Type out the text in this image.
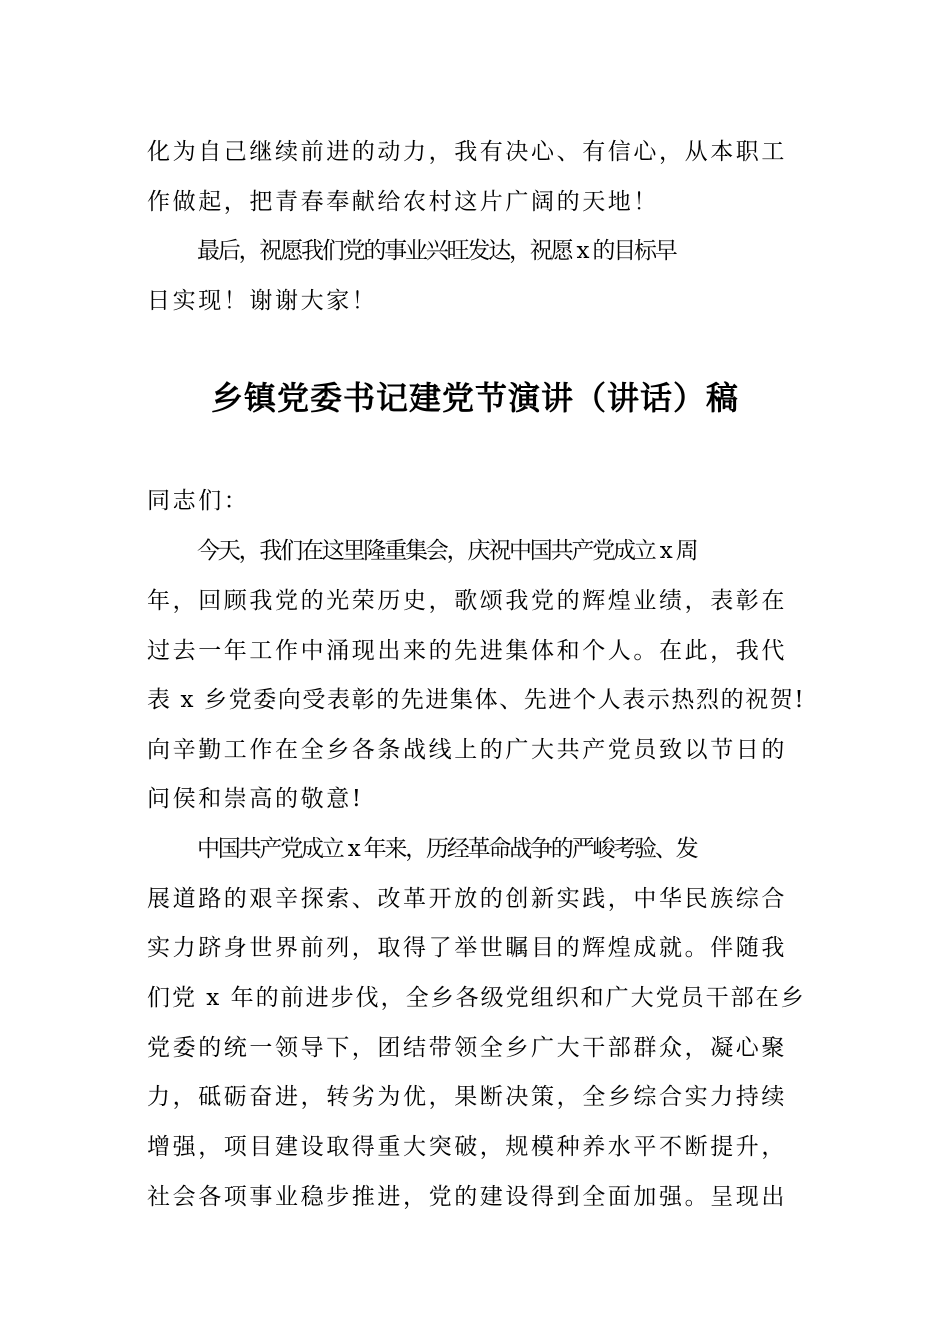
化为自己继续前进的动力，我有决心、有信心，从本职工
作做起，把青春奉献给农村这片广阔的天地！
最后，祝愿我们党的事业兴旺发达，祝愿 x 的目标早
日实现！谢谢大家！
乡镇党委书记建党节演讲（讲话）稿
同志们：
今天，我们在这里隆重集会，庆祝中国共产党成立 x 周
年，回顾我党的光荣历史，歌颂我党的辉煌业绩，表彰在
过去一年工作中涌现出来的先进集体和个人。在此，我代
表 x 乡党委向受表彰的先进集体、先进个人表示热烈的祝贺!
向辛勤工作在全乡各条战线上的广大共产党员致以节日的
问侯和崇高的敬意!
中国共产党成立 x 年来，历经革命战争的严峻考验、发
展道路的艰辛探索、改革开放的创新实践，中华民族综合
实力跻身世界前列，取得了举世瞩目的辉煌成就。伴随我
们党 x 年的前进步伐，全乡各级党组织和广大党员干部在乡
党委的统一领导下，团结带领全乡广大干部群众，凝心聚
力，砥砺奋进，转劣为优，果断决策，全乡综合实力持续
增强，项目建设取得重大突破，规模种养水平不断提升，
社会各项事业稳步推进，党的建设得到全面加强。呈现出
